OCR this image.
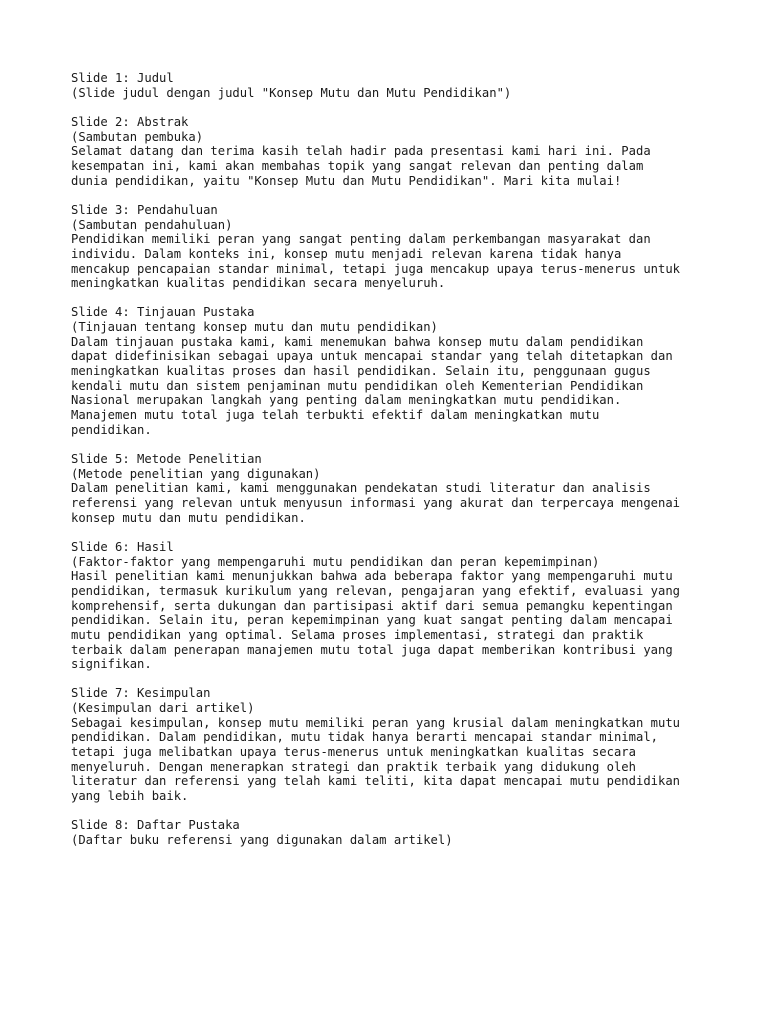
Slide 1: Judul
(Slide judul dengan judul "Konsep Mutu dan Mutu Pendidikan")
Slide 2: Abstrak
(Sambutan pembuka)
Selamat datang dan terima kasih telah hadir pada presentasi kami hari ini. Pada
kesempatan ini, kami akan membahas topik yang sangat relevan dan penting dalam
dunia pendidikan, yaitu "Konsep Mutu dan Mutu Pendidikan". Mari kita mulai!
Slide 3: Pendahuluan
(Sambutan pendahuluan)
Pendidikan memiliki peran yang sangat penting dalam perkembangan masyarakat dan
individu. Dalam konteks ini, konsep mutu menjadi relevan karena tidak hanya
mencakup pencapaian standar minimal, tetapi juga mencakup upaya terus-menerus untuk
meningkatkan kualitas pendidikan secara menyeluruh.
Slide 4: Tinjauan Pustaka
(Tinjauan tentang konsep mutu dan mutu pendidikan)
Dalam tinjauan pustaka kami, kami menemukan bahwa konsep mutu dalam pendidikan
dapat didefinisikan sebagai upaya untuk mencapai standar yang telah ditetapkan dan
meningkatkan kualitas proses dan hasil pendidikan. Selain itu, penggunaan gugus
kendali mutu dan sistem penjaminan mutu pendidikan oleh Kementerian Pendidikan
Nasional merupakan langkah yang penting dalam meningkatkan mutu pendidikan.
Manajemen mutu total juga telah terbukti efektif dalam meningkatkan mutu
pendidikan.
Slide 5: Metode Penelitian
(Metode penelitian yang digunakan)
Dalam penelitian kami, kami menggunakan pendekatan studi literatur dan analisis
referensi yang relevan untuk menyusun informasi yang akurat dan terpercaya mengenai
konsep mutu dan mutu pendidikan.
Slide 6: Hasil
(Faktor-faktor yang mempengaruhi mutu pendidikan dan peran kepemimpinan)
Hasil penelitian kami menunjukkan bahwa ada beberapa faktor yang mempengaruhi mutu
pendidikan, termasuk kurikulum yang relevan, pengajaran yang efektif, evaluasi yang
komprehensif, serta dukungan dan partisipasi aktif dari semua pemangku kepentingan
pendidikan. Selain itu, peran kepemimpinan yang kuat sangat penting dalam mencapai
mutu pendidikan yang optimal. Selama proses implementasi, strategi dan praktik
terbaik dalam penerapan manajemen mutu total juga dapat memberikan kontribusi yang
signifikan.
Slide 7: Kesimpulan
(Kesimpulan dari artikel)
Sebagai kesimpulan, konsep mutu memiliki peran yang krusial dalam meningkatkan mutu
pendidikan. Dalam pendidikan, mutu tidak hanya berarti mencapai standar minimal,
tetapi juga melibatkan upaya terus-menerus untuk meningkatkan kualitas secara
menyeluruh. Dengan menerapkan strategi dan praktik terbaik yang didukung oleh
literatur dan referensi yang telah kami teliti, kita dapat mencapai mutu pendidikan
yang lebih baik.
Slide 8: Daftar Pustaka
(Daftar buku referensi yang digunakan dalam artikel)
